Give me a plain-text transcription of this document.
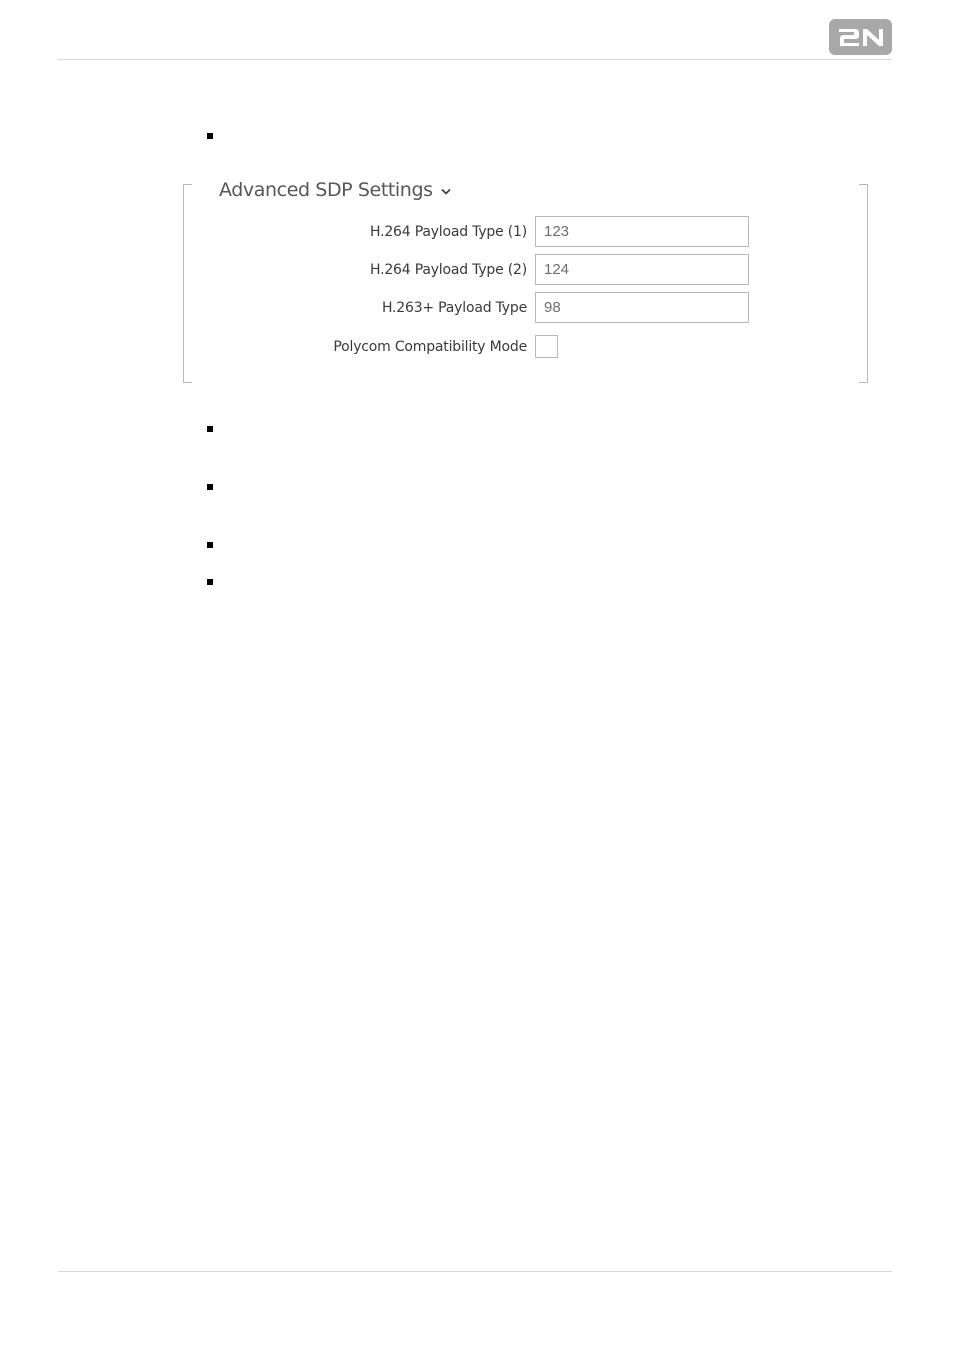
Advanced SDP Settings
H.264 Payload Type (1)
123
H.264 Payload Type (2)
124
H.263+ Payload Type
98
Polycom Compatibility Mode
